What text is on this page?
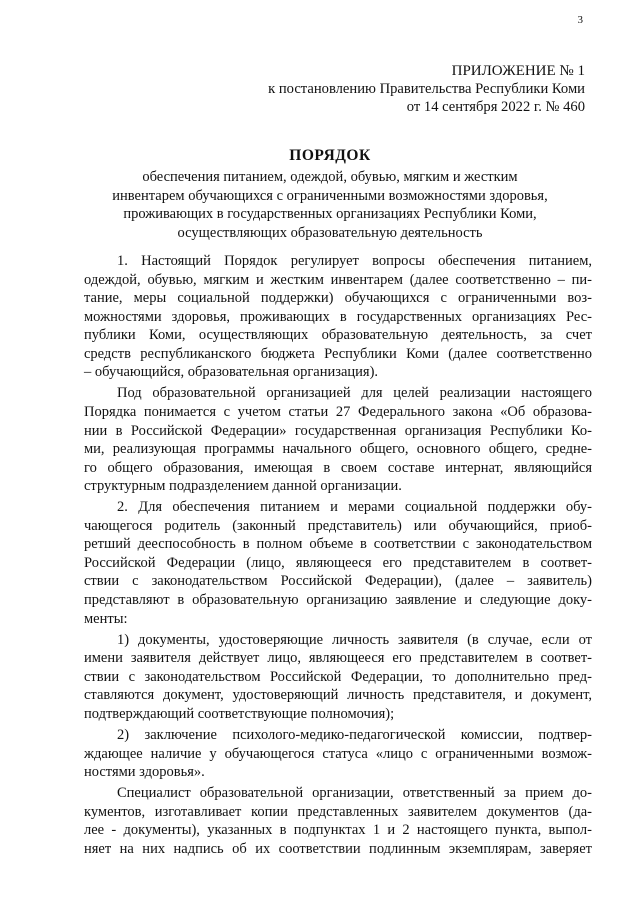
3
ПРИЛОЖЕНИЕ № 1
к постановлению Правительства Республики Коми
от 14 сентября 2022 г. № 460
ПОРЯДОК
обеспечения питанием, одеждой, обувью, мягким и жестким
инвентарем обучающихся с ограниченными возможностями здоровья,
проживающих в государственных организациях Республики Коми,
осуществляющих образовательную деятельность
1. Настоящий Порядок регулирует вопросы обеспечения питанием,
одеждой, обувью, мягким и жестким инвентарем (далее соответственно – пи-
тание, меры социальной поддержки) обучающихся с ограниченными воз-
можностями здоровья, проживающих в государственных организациях Рес-
публики Коми, осуществляющих образовательную деятельность, за счет
средств республиканского бюджета Республики Коми (далее соответственно
– обучающийся, образовательная организация).
Под образовательной организацией для целей реализации настоящего
Порядка понимается с учетом статьи 27 Федерального закона «Об образова-
нии в Российской Федерации» государственная организация Республики Ко-
ми, реализующая программы начального общего, основного общего, средне-
го общего образования, имеющая в своем составе интернат, являющийся
структурным подразделением данной организации.
2. Для обеспечения питанием и мерами социальной поддержки обу-
чающегося родитель (законный представитель) или обучающийся, приоб-
ретший дееспособность в полном объеме в соответствии с законодательством
Российской Федерации (лицо, являющееся его представителем в соответ-
ствии с законодательством Российской Федерации), (далее – заявитель)
представляют в образовательную организацию заявление и следующие доку-
менты:
1) документы, удостоверяющие личность заявителя (в случае, если от
имени заявителя действует лицо, являющееся его представителем в соответ-
ствии с законодательством Российской Федерации, то дополнительно пред-
ставляются документ, удостоверяющий личность представителя, и документ,
подтверждающий соответствующие полномочия);
2) заключение психолого-медико-педагогической комиссии, подтвер-
ждающее наличие у обучающегося статуса «лицо с ограниченными возмож-
ностями здоровья».
Специалист образовательной организации, ответственный за прием до-
кументов, изготавливает копии представленных заявителем документов (да-
лее - документы), указанных в подпунктах 1 и 2 настоящего пункта, выпол-
няет на них надпись об их соответствии подлинным экземплярам, заверяет
